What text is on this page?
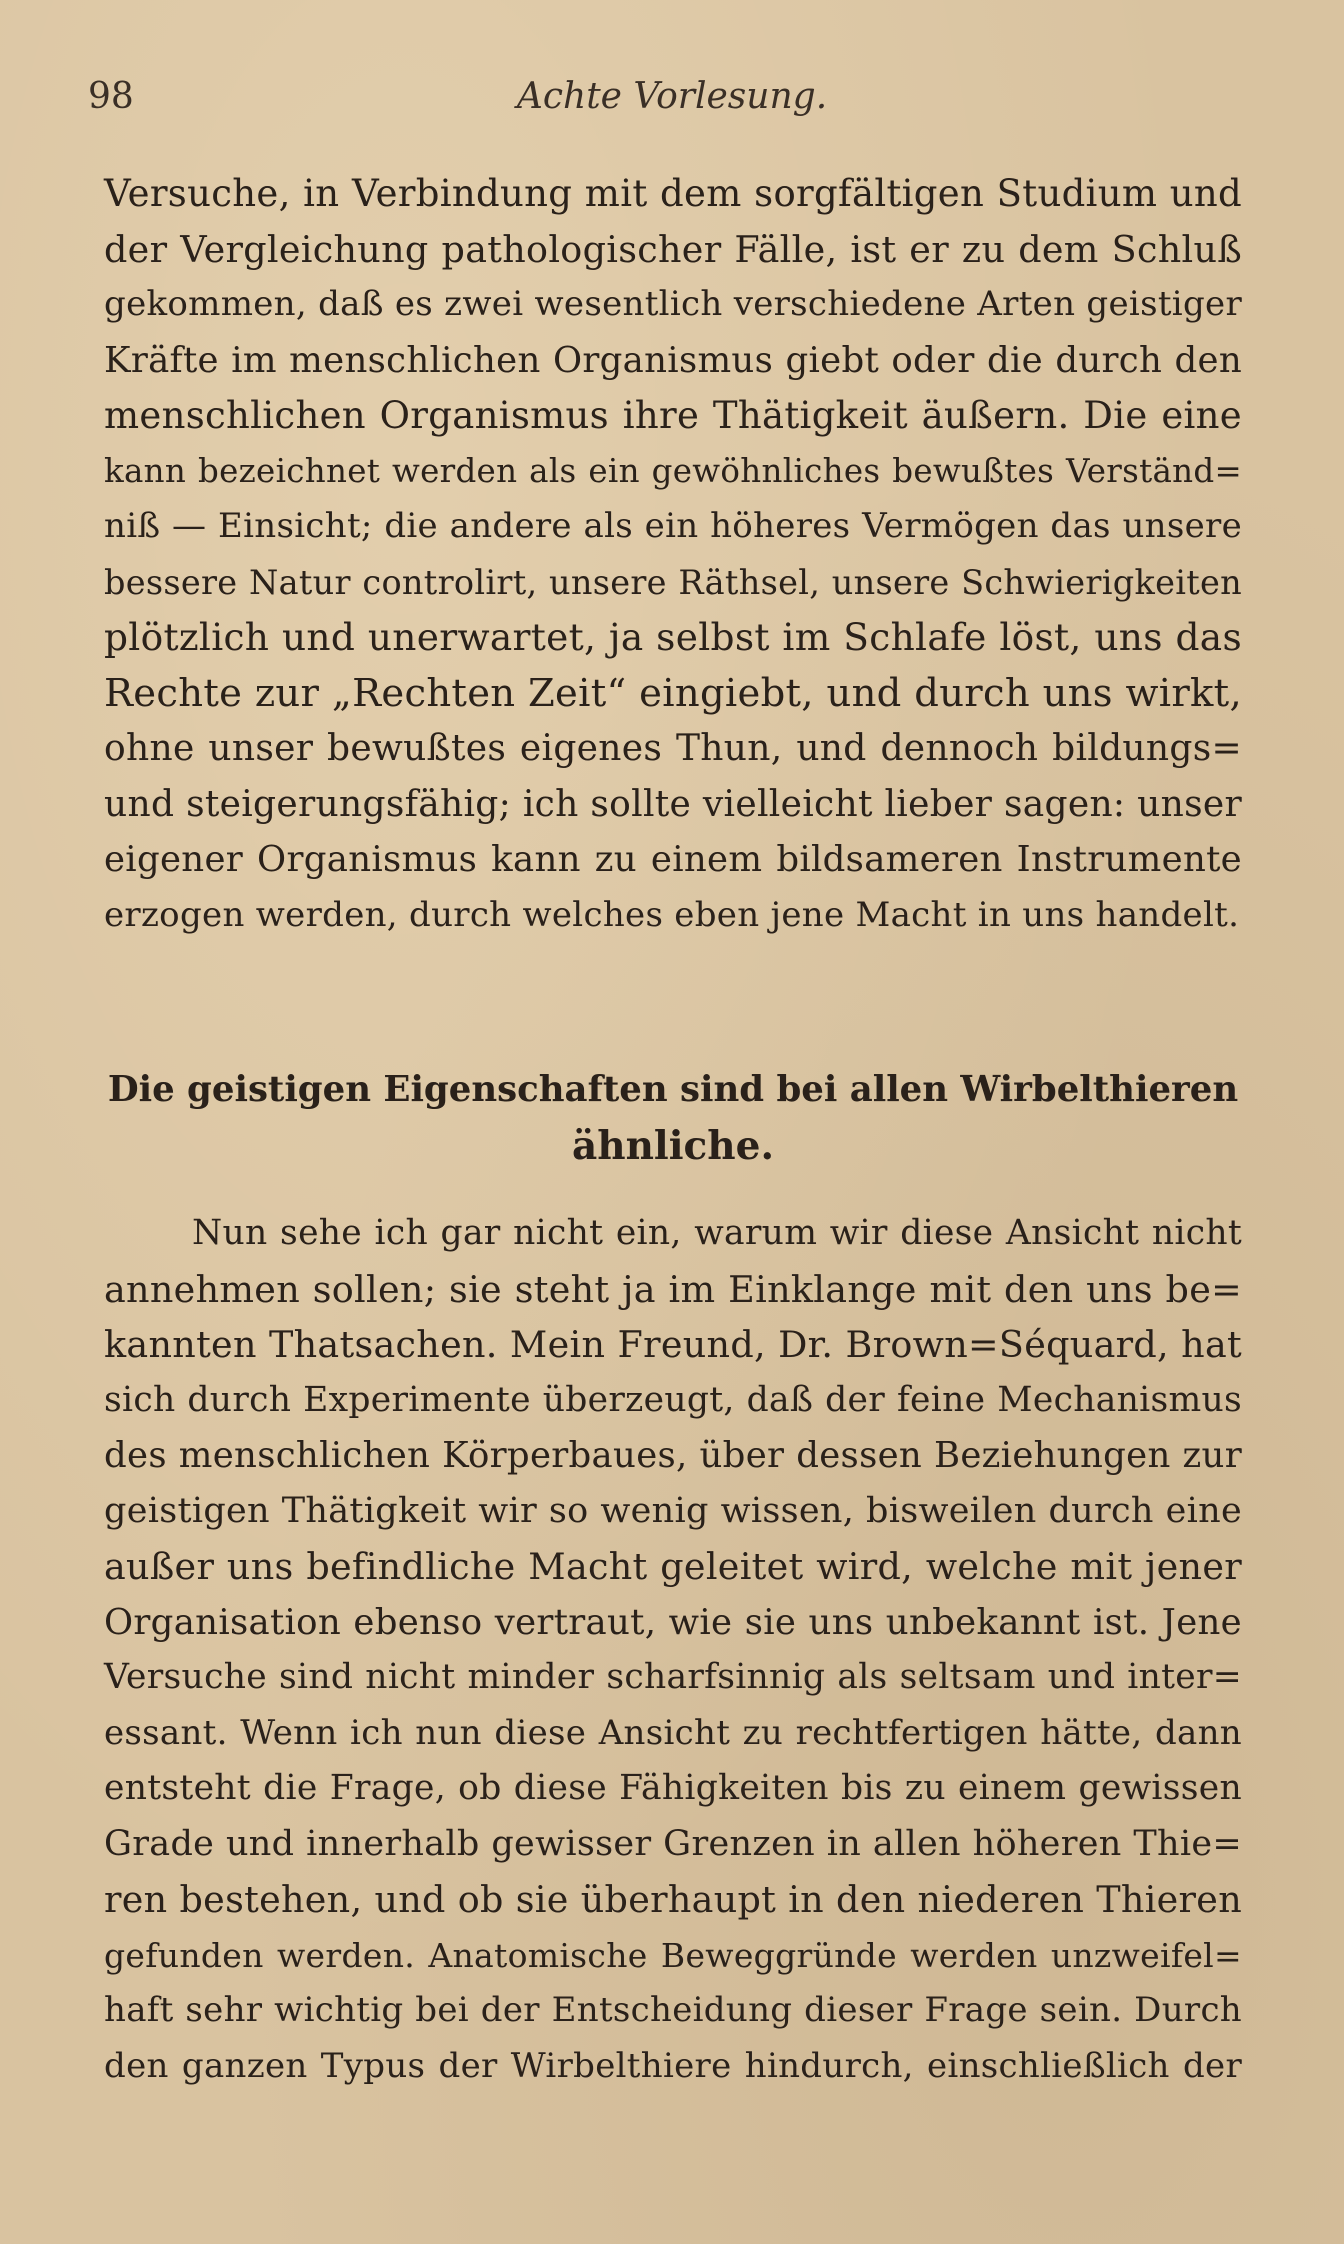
98	Achte Vorlesung.
Versuche, in Verbindung mit dem sorgfältigen Studium und
der Vergleichung pathologischer Fälle, ist er zu dem Schluß
gekommen, daß es zwei wesentlich verschiedene Arten geistiger
Kräfte im menschlichen Organismus giebt oder die durch den
menschlichen Organismus ihre Thätigkeit äußern. Die eine
kann bezeichnet werden als ein gewöhnliches bewußtes Verständ=
niß — Einsicht; die andere als ein höheres Vermögen das unsere
bessere Natur controlirt, unsere Räthsel, unsere Schwierigkeiten
plötzlich und unerwartet, ja selbst im Schlafe löst, uns das
Rechte zur „Rechten Zeit“ eingiebt, und durch uns wirkt,
ohne unser bewußtes eigenes Thun, und dennoch bildungs=
und steigerungsfähig; ich sollte vielleicht lieber sagen: unser
eigener Organismus kann zu einem bildsameren Instrumente
erzogen werden, durch welches eben jene Macht in uns handelt.
Die geistigen Eigenschaften sind bei allen Wirbelthieren
ähnliche.
Nun sehe ich gar nicht ein, warum wir diese Ansicht nicht
annehmen sollen; sie steht ja im Einklange mit den uns be=
kannten Thatsachen. Mein Freund, Dr. Brown=Séquard, hat
sich durch Experimente überzeugt, daß der feine Mechanismus
des menschlichen Körperbaues, über dessen Beziehungen zur
geistigen Thätigkeit wir so wenig wissen, bisweilen durch eine
außer uns befindliche Macht geleitet wird, welche mit jener
Organisation ebenso vertraut, wie sie uns unbekannt ist. Jene
Versuche sind nicht minder scharfsinnig als seltsam und inter=
essant. Wenn ich nun diese Ansicht zu rechtfertigen hätte, dann
entsteht die Frage, ob diese Fähigkeiten bis zu einem gewissen
Grade und innerhalb gewisser Grenzen in allen höheren Thie=
ren bestehen, und ob sie überhaupt in den niederen Thieren
gefunden werden. Anatomische Beweggründe werden unzweifel=
haft sehr wichtig bei der Entscheidung dieser Frage sein. Durch
den ganzen Typus der Wirbelthiere hindurch, einschließlich der
